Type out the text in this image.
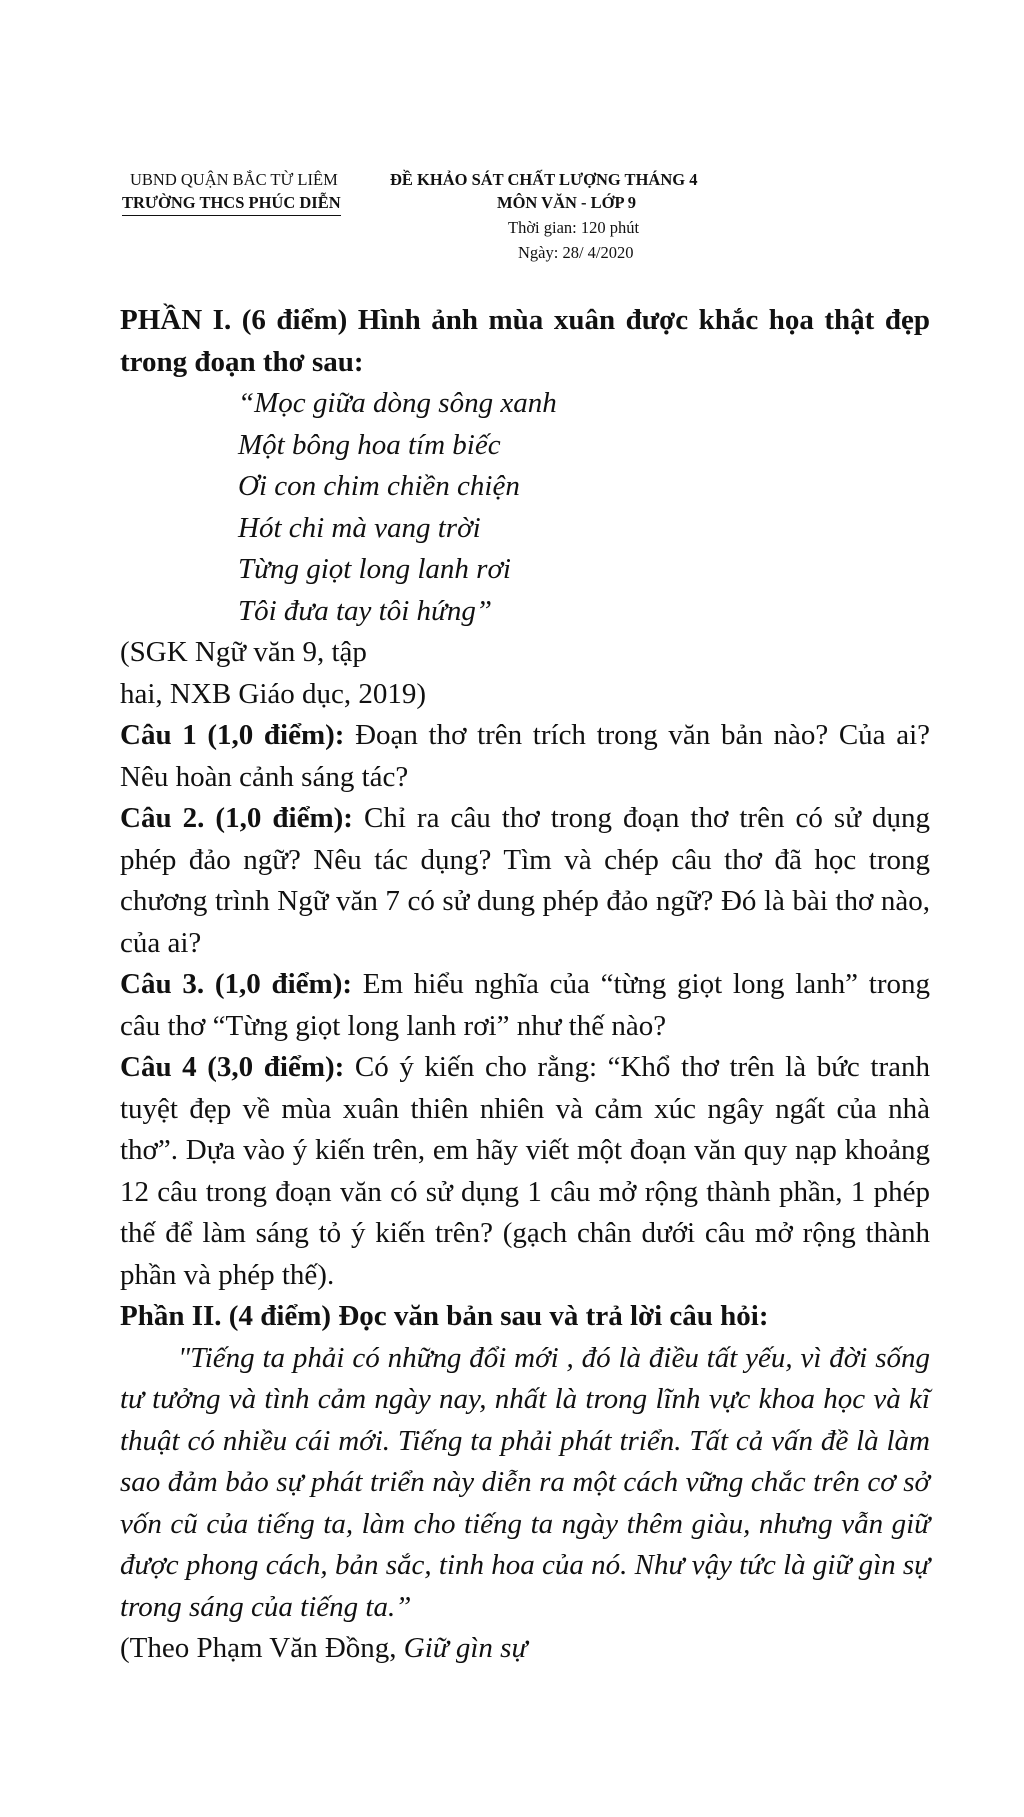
UBND QUẬN BẮC TỪ LIÊM
TRƯỜNG THCS PHÚC DIỄN
ĐỀ KHẢO SÁT CHẤT LƯỢNG THÁNG 4
MÔN VĂN - LỚP 9
Thời gian: 120 phút
Ngày: 28/ 4/2020

PHẦN I. (6 điểm) Hình ảnh mùa xuân được khắc họa thật đẹp trong đoạn thơ sau:

“Mọc giữa dòng sông xanh
Một bông hoa tím biếc
Ơi con chim chiền chiện
Hót chi mà vang trời
Từng giọt long lanh rơi
Tôi đưa tay tôi hứng”

(SGK Ngữ văn 9, tập

hai, NXB Giáo dục, 2019)

Câu 1 (1,0 điểm): Đoạn thơ trên trích trong văn bản nào? Của ai? Nêu hoàn cảnh sáng tác?

Câu 2. (1,0 điểm): Chỉ ra câu thơ trong đoạn thơ trên có sử dụng phép đảo ngữ? Nêu tác dụng? Tìm và chép câu thơ đã học trong chương trình Ngữ văn 7 có sử dung phép đảo ngữ? Đó là bài thơ nào, của ai?

Câu 3. (1,0 điểm): Em hiểu nghĩa của “từng giọt long lanh” trong câu thơ “Từng giọt long lanh rơi” như thế nào?

Câu 4 (3,0 điểm): Có ý kiến cho rằng: “Khổ thơ trên là bức tranh tuyệt đẹp về mùa xuân thiên nhiên và cảm xúc ngây ngất của nhà thơ”. Dựa vào ý kiến trên, em hãy viết một đoạn văn quy nạp khoảng 12 câu trong đoạn văn có sử dụng 1 câu mở rộng thành phần, 1 phép thế để làm sáng tỏ ý kiến trên? (gạch chân dưới câu mở rộng thành phần và phép thế).

Phần II. (4 điểm) Đọc văn bản sau và trả lời câu hỏi:

"Tiếng ta phải có những đổi mới , đó là điều tất yếu, vì đời sống tư tưởng và tình cảm ngày nay, nhất là trong lĩnh vực khoa học và kĩ thuật có nhiều cái mới. Tiếng ta phải phát triển. Tất cả vấn đề là làm sao đảm bảo sự phát triển này diễn ra một cách vững chắc trên cơ sở vốn cũ của tiếng ta, làm cho tiếng ta ngày thêm giàu, nhưng vẫn giữ được phong cách, bản sắc, tinh hoa của nó. Như vậy tức là giữ gìn sự trong sáng của tiếng ta.”

(Theo Phạm Văn Đồng, Giữ gìn sự
